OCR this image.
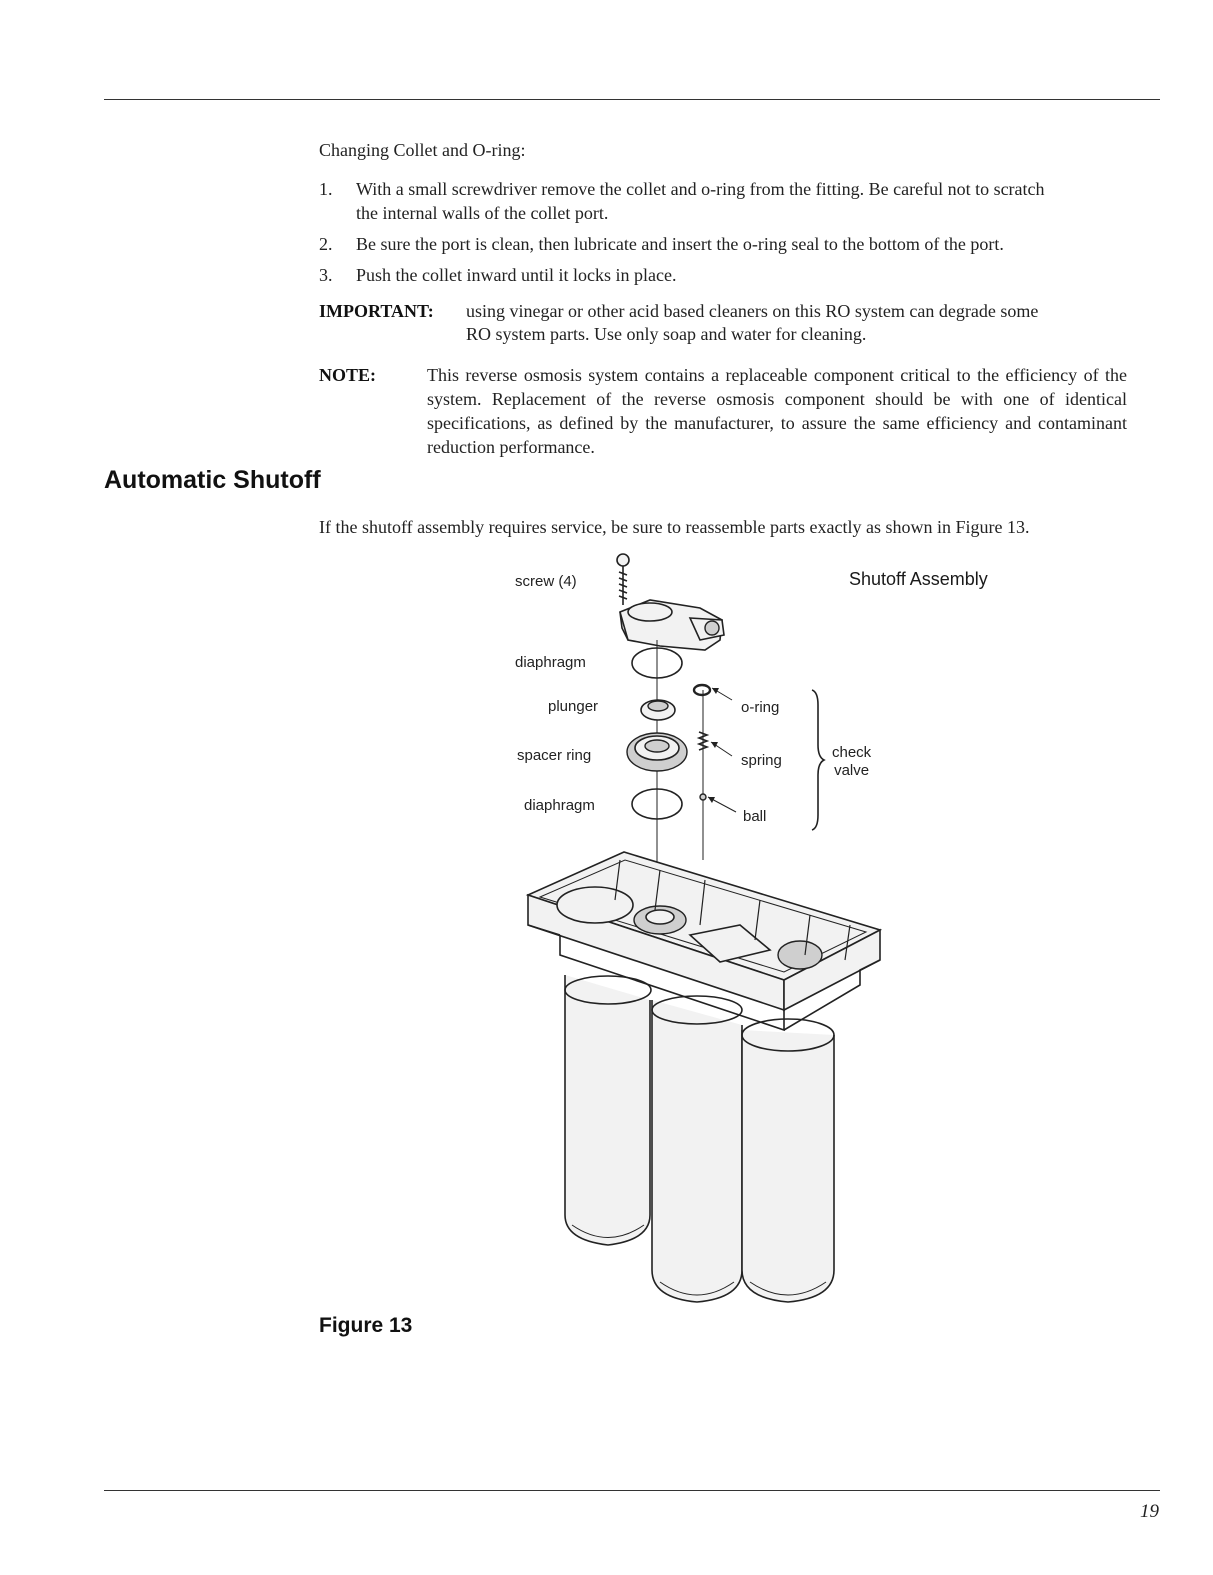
Changing Collet and O-ring:
1. With a small screwdriver remove the collet and o-ring from the fitting. Be careful not to scratch
the internal walls of the collet port.
2. Be sure the port is clean, then lubricate and insert the o-ring seal to the bottom of the port.
3. Push the collet inward until it locks in place.
IMPORTANT: using vinegar or other acid based cleaners on this RO system can degrade some
RO system parts. Use only soap and water for cleaning.
NOTE:	This reverse osmosis system contains a replaceable component critical to the efficiency of the system. Replacement of the reverse osmosis component should be with one of identical specifications, as defined by the manufacturer, to assure the same efficiency and contaminant reduction performance.
Automatic Shutoff
If the shutoff assembly requires service, be sure to reassemble parts exactly as shown in Figure 13.
Shutoff Assembly
screw (4)
diaphragm
plunger
spacer ring
diaphragm
o-ring
spring
ball
check
valve
Figure 13
19
